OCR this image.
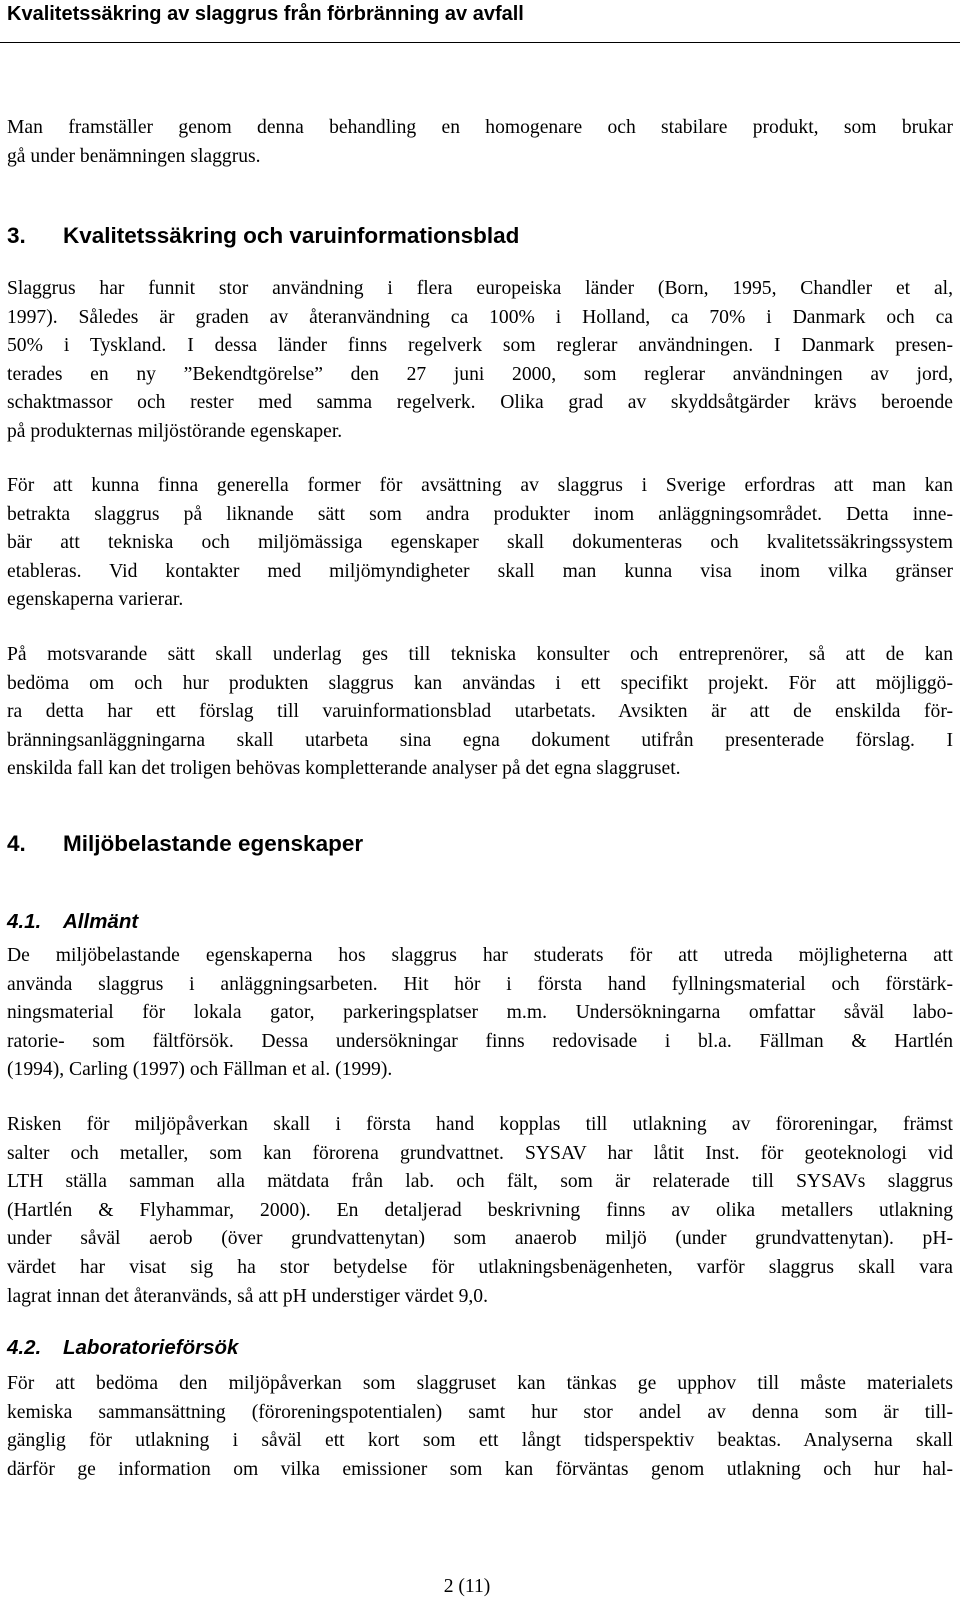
Kvalitetssäkring av slaggrus från förbränning av avfall
Man framställer genom denna behandling en homogenare och stabilare produkt, som brukar
gå under benämningen slaggrus.
3. Kvalitetssäkring och varuinformationsblad
Slaggrus har funnit stor användning i flera europeiska länder (Born, 1995, Chandler et al,
1997). Således är graden av återanvändning ca 100% i Holland, ca 70% i Danmark och ca
50% i Tyskland. I dessa länder finns regelverk som reglerar användningen. I Danmark presen-
terades en ny ”Bekendtgörelse” den 27 juni 2000, som reglerar användningen av jord,
schaktmassor och rester med samma regelverk. Olika grad av skyddsåtgärder krävs beroende
på produkternas miljöstörande egenskaper.
För att kunna finna generella former för avsättning av slaggrus i Sverige erfordras att man kan
betrakta slaggrus på liknande sätt som andra produkter inom anläggningsområdet. Detta inne-
bär att tekniska och miljömässiga egenskaper skall dokumenteras och kvalitetssäkringssystem
etableras. Vid kontakter med miljömyndigheter skall man kunna visa inom vilka gränser
egenskaperna varierar.
På motsvarande sätt skall underlag ges till tekniska konsulter och entreprenörer, så att de kan
bedöma om och hur produkten slaggrus kan användas i ett specifikt projekt. För att möjliggö-
ra detta har ett förslag till varuinformationsblad utarbetats. Avsikten är att de enskilda för-
bränningsanläggningarna skall utarbeta sina egna dokument utifrån presenterade förslag. I
enskilda fall kan det troligen behövas kompletterande analyser på det egna slaggruset.
4. Miljöbelastande egenskaper
4.1. Allmänt
De miljöbelastande egenskaperna hos slaggrus har studerats för att utreda möjligheterna att
använda slaggrus i anläggningsarbeten. Hit hör i första hand fyllningsmaterial och förstärk-
ningsmaterial för lokala gator, parkeringsplatser m.m. Undersökningarna omfattar såväl labo-
ratorie- som fältförsök. Dessa undersökningar finns redovisade i bl.a. Fällman & Hartlén
(1994), Carling (1997) och Fällman et al. (1999).
Risken för miljöpåverkan skall i första hand kopplas till utlakning av föroreningar, främst
salter och metaller, som kan förorena grundvattnet. SYSAV har låtit Inst. för geoteknologi vid
LTH ställa samman alla mätdata från lab. och fält, som är relaterade till SYSAVs slaggrus
(Hartlén & Flyhammar, 2000). En detaljerad beskrivning finns av olika metallers utlakning
under såväl aerob (över grundvattenytan) som anaerob miljö (under grundvattenytan). pH-
värdet har visat sig ha stor betydelse för utlakningsbenägenheten, varför slaggrus skall vara
lagrat innan det återanvänds, så att pH understiger värdet 9,0.
4.2. Laboratorieförsök
För att bedöma den miljöpåverkan som slaggruset kan tänkas ge upphov till måste materialets
kemiska sammansättning (föroreningspotentialen) samt hur stor andel av denna som är till-
gänglig för utlakning i såväl ett kort som ett långt tidsperspektiv beaktas. Analyserna skall
därför ge information om vilka emissioner som kan förväntas genom utlakning och hur hal-
2 (11)
